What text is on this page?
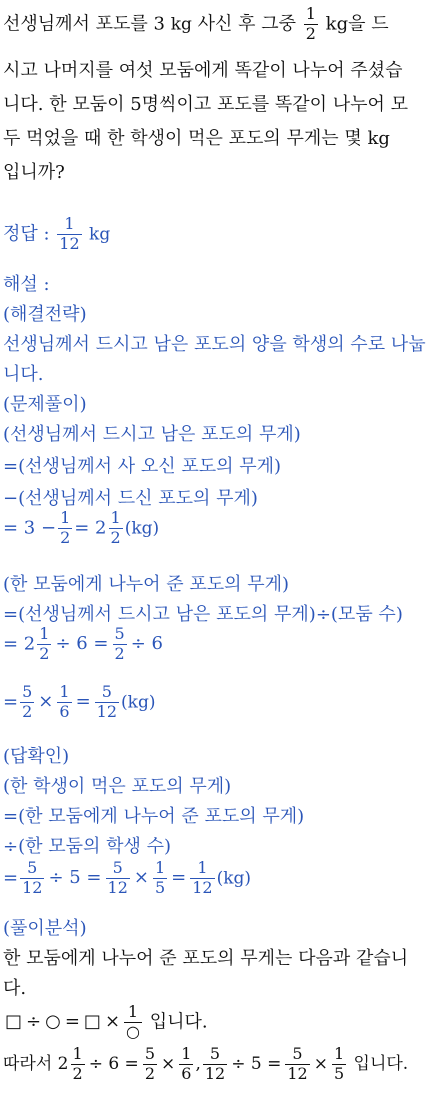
선생님께서 포도를 3 kg 사신 후 그중 $\frac{1}{2}$ kg을 드
시고 나머지를 여섯 모둠에게 똑같이 나누어 주셨습
니다. 한 모둠이 5명씩이고 포도를 똑같이 나누어 모
두 먹었을 때 한 학생이 먹은 포도의 무게는 몇 kg
입니까?
정답 : $\frac{1}{12}$ kg
해설 :
(해결전략)
선생님께서 드시고 남은 포도의 양을 학생의 수로 나눕
니다.
(문제풀이)
(선생님께서 드시고 남은 포도의 무게)
=(선생님께서 사 오신 포도의 무게)
−(선생님께서 드신 포도의 무게)
= $3 - \frac{1}{2} = 2 \frac{1}{2} (kg)$
(한 모둠에게 나누어 준 포도의 무게)
=(선생님께서 드시고 남은 포도의 무게)÷(모둠 수)
= $2 \frac{1}{2} \div 6 = \frac{5}{2} \div 6$
= $\frac{5}{2} \times \frac{1}{6} = \frac{5}{12} (kg)$
(답확인)
(한 학생이 먹은 포도의 무게)
=(한 모둠에게 나누어 준 포도의 무게)
÷(한 모둠의 학생 수)
= $\frac{5}{12} \div 5 = \frac{5}{12} \times \frac{1}{5} = \frac{1}{12} (kg)$
(풀이분석)
한 모둠에게 나누어 준 포도의 무게는 다음과 같습니
다.
□ ÷ ○ = □ × $\frac{1}{○}$ 입니다.
따라서 $2 \frac{1}{2} \div 6 = \frac{5}{2} \times \frac{1}{6}$ , $\frac{5}{12} \div 5 = \frac{5}{12} \times \frac{1}{5}$ 입니다.
